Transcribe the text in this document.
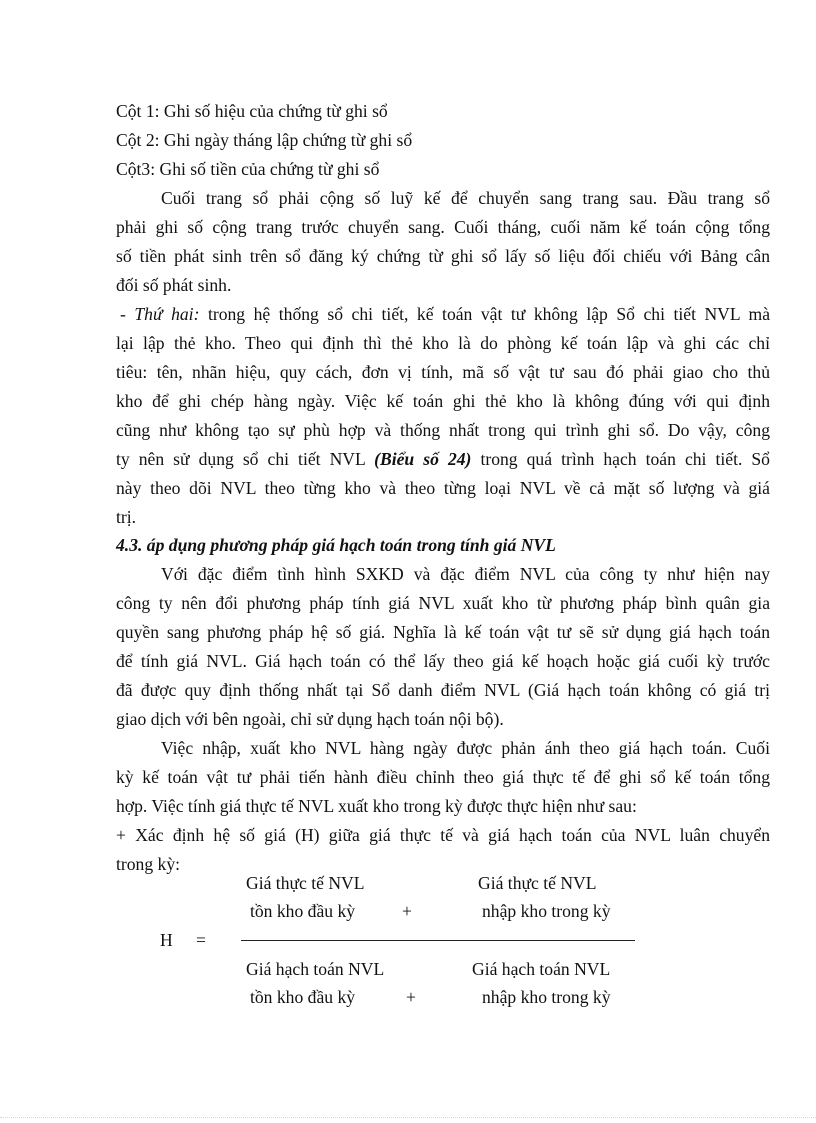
Cột 1: Ghi số hiệu của chứng từ ghi sổ
Cột 2: Ghi ngày tháng lập chứng từ ghi sổ
Cột3: Ghi số tiền của chứng từ ghi sổ
Cuối trang sổ phải cộng số luỹ kế để chuyển sang trang sau. Đầu trang sổ
phải ghi số cộng trang trước chuyển sang. Cuối tháng, cuối năm kế toán cộng tổng
số tiền phát sinh trên sổ đăng ký chứng từ ghi sổ lấy số liệu đối chiếu với Bảng cân
đối số phát sinh.
- Thứ hai: trong hệ thống sổ chi tiết, kế toán vật tư không lập Sổ chi tiết NVL mà
lại lập thẻ kho. Theo qui định thì thẻ kho là do phòng kế toán lập và ghi các chỉ
tiêu: tên, nhãn hiệu, quy cách, đơn vị tính, mã số vật tư sau đó phải giao cho thủ
kho để ghi chép hàng ngày. Việc kế toán ghi thẻ kho là không đúng với qui định
cũng như không tạo sự phù hợp và thống nhất trong qui trình ghi sổ. Do vậy, công
ty nên sử dụng sổ chi tiết NVL (Biểu số 24) trong quá trình hạch toán chi tiết. Sổ
này theo dõi NVL theo từng kho và theo từng loại NVL về cả mặt số lượng và giá
trị.
4.3. áp dụng phương pháp giá hạch toán trong tính giá NVL
Với đặc điểm tình hình SXKD và đặc điểm NVL của công ty như hiện nay
công ty nên đổi phương pháp tính giá NVL xuất kho từ phương pháp bình quân gia
quyền sang phương pháp hệ số giá. Nghĩa là kế toán vật tư sẽ sử dụng giá hạch toán
để tính giá NVL. Giá hạch toán có thể lấy theo giá kế hoạch hoặc giá cuối kỳ trước
đã được quy định thống nhất tại Sổ danh điểm NVL (Giá hạch toán không có giá trị
giao dịch với bên ngoài, chỉ sử dụng hạch toán nội bộ).
Việc nhập, xuất kho NVL hàng ngày được phản ánh theo giá hạch toán. Cuối
kỳ kế toán vật tư phải tiến hành điều chỉnh theo giá thực tế để ghi sổ kế toán tổng
hợp. Việc tính giá thực tế NVL xuất kho trong kỳ được thực hiện như sau:
+ Xác định hệ số giá (H) giữa giá thực tế và giá hạch toán của NVL luân chuyển
trong kỳ:
Giá thực tế NVL
tồn kho đầu kỳ	+
Giá thực tế NVL
nhập kho trong kỳ
H =
Giá hạch toán NVL
tồn kho đầu kỳ	+
Giá hạch toán NVL
nhập kho trong kỳ
